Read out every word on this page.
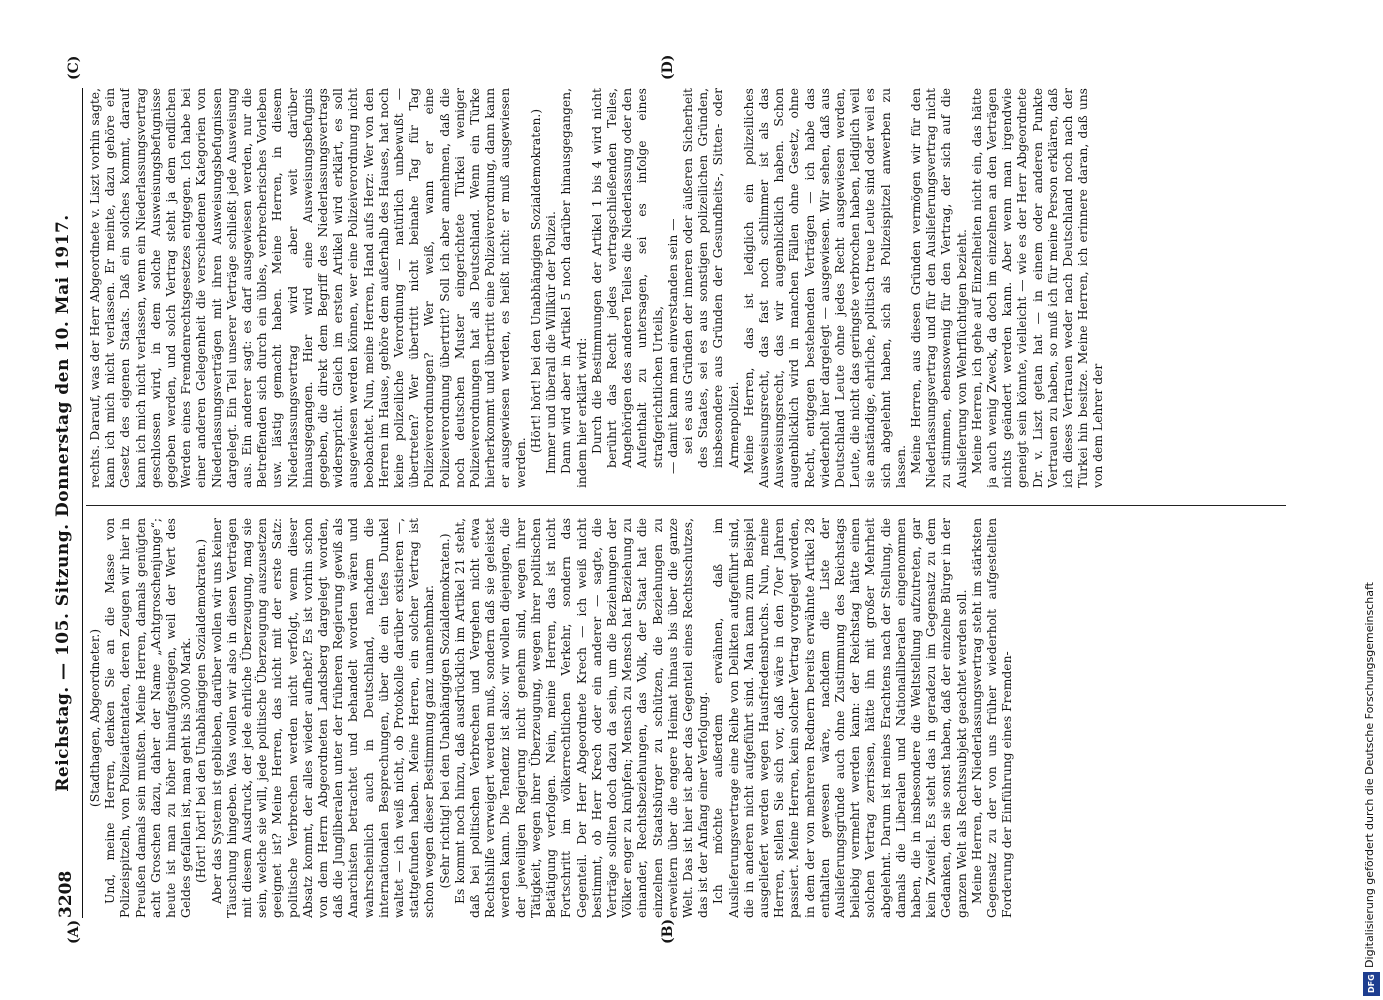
3208
Reichstag. — 105. Sitzung. Donnerstag den 10. Mai 1917.
(A)	(B)
(C)	(D)

(Stadthagen, Abgeordneter.) Und, meine Herren, denken Sie an die Masse von Polizeispitzeln, von Polizeiattentaten, deren Zeugen wir hier in Preußen damals sein mußten. Meine Herren, damals genügten acht Groschen dazu, daher der Name „Achtgroschenjunge“; heute ist man zu höher hinaufgestiegen, weil der Wert des Geldes gefallen ist, man geht bis 3000 Mark. (Hört! hört! bei den Unabhängigen Sozialdemokraten.) Aber das System ist geblieben, darüber wollen wir uns keiner Täuschung hingeben. Was wollen wir also in diesen Verträgen mit diesem Ausdruck, der jede ehrliche Überzeugung, mag sie sein, welche sie will, jede politische Überzeugung auszusetzen geeignet ist? Meine Herren, das nicht mit der erste Satz: politische Verbrechen werden nicht verfolgt, wenn dieser Absatz kommt, der alles wieder aufhebt? Es ist vorhin schon von dem Herrn Abgeordneten Landsberg dargelegt worden, daß die Jungliberalen unter der früheren Regierung gewiß als Anarchisten betrachtet und behandelt worden wären und wahrscheinlich auch in Deutschland, nachdem die internationalen Besprechungen, über die ein tiefes Dunkel waltet — ich weiß nicht, ob Protokolle darüber existieren —, stattgefunden haben. Meine Herren, ein solcher Vertrag ist schon wegen dieser Bestimmung ganz unannehmbar. (Sehr richtig! bei den Unabhängigen Sozialdemokraten.) Es kommt noch hinzu, daß ausdrücklich im Artikel 21 steht, daß bei politischen Verbrechen und Vergehen nicht etwa Rechtshilfe verweigert werden muß, sondern daß sie geleistet werden kann. Die Tendenz ist also: wir wollen diejenigen, die der jeweiligen Regierung nicht genehm sind, wegen ihrer Tätigkeit, wegen ihrer Überzeugung, wegen ihrer politischen Betätigung verfolgen. Nein, meine Herren, das ist nicht Fortschritt im völkerrechtlichen Verkehr, sondern das Gegenteil. Der Herr Abgeordnete Krech — ich weiß nicht bestimmt, ob Herr Krech oder ein anderer — sagte, die Verträge sollten doch dazu da sein, um die Beziehungen der Völker enger zu knüpfen; Mensch zu Mensch hat Beziehung zu einander, Rechtsbeziehungen, das Volk, der Staat hat die einzelnen Staatsbürger zu schützen, die Beziehungen zu erweitern über die engere Heimat hinaus bis über die ganze Welt. Das ist hier ist aber das Gegenteil eines Rechtsschutzes, das ist der Anfang einer Verfolgung. Ich möchte außerdem erwähnen, daß im Auslieferungsvertrage eine Reihe von Delikten aufgeführt sind, die in anderen nicht aufgeführt sind. Man kann zum Beispiel ausgeliefert werden wegen Hausfriedensbruchs. Nun, meine Herren, stellen Sie sich vor, daß wäre in den 70er Jahren passiert. Meine Herren, kein solcher Vertrag vorgelegt worden, in dem der von mehreren Rednern bereits erwähnte Artikel 28 enthalten gewesen wäre, nachdem die Liste der Auslieferungsgründe auch ohne Zustimmung des Reichstags beliebig vermehrt werden kann: der Reichstag hätte einen solchen Vertrag zerrissen, hätte ihn mit großer Mehrheit abgelehnt. Darum ist meines Erachtens nach der Stellung, die damals die Liberalen und Nationalliberalen eingenommen haben, die in insbesondere die Weltstellung aufzutreten, gar kein Zweifel. Es steht das in geradezu im Gegensatz zu dem Gedanken, den sie sonst haben, daß der einzelne Bürger in der ganzen Welt als Rechtssubjekt geachtet werden soll. Meine Herren, der Niederlassungsvertrag steht im stärksten Gegensatz zu der von uns früher wiederholt aufgestellten Forderung der Einführung eines Fremden-

rechts. Darauf, was der Herr Abgeordnete v. Liszt vorhin sagte, kann ich mich nicht verlassen. Er meinte, dazu gehöre ein Gesetz des eigenen Staats. Daß ein solches kommt, darauf kann ich mich nicht verlassen, wenn ein Niederlassungsvertrag geschlossen wird, in dem solche Ausweisungsbefugnisse gegeben werden, und solch Vertrag steht ja dem endlichen Werden eines Fremdenrechtsgesetzes entgegen. Ich habe bei einer anderen Gelegenheit die verschiedenen Kategorien von Niederlassungsverträgen mit ihren Ausweisungsbefugnissen dargelegt. Ein Teil unserer Verträge schließt jede Ausweisung aus. Ein anderer sagt: es darf ausgewiesen werden, nur die Betreffenden sich durch ein übles, verbrecherisches Vorleben usw. lästig gemacht haben. Meine Herren, in diesem Niederlassungsvertrag wird aber weit darüber hinausgegangen. Hier wird eine Ausweisungsbefugnis gegeben, die direkt dem Begriff des Niederlassungsvertrags widerspricht. Gleich im ersten Artikel wird erklärt, es soll ausgewiesen werden können, wer eine Polizeiverordnung nicht beobachtet. Nun, meine Herren, Hand aufs Herz: Wer von den Herren im Hause, gehöre dem außerhalb des Hauses, hat noch keine polizeiliche Verordnung — natürlich unbewußt — übertreten? Wer übertritt nicht beinahe Tag für Tag Polizeiverordnungen? Wer weiß, wann er eine Polizeiverordnung übertritt? Soll ich aber annehmen, daß die noch deutschen Muster eingerichtete Türkei weniger Polizeiverordnungen hat als Deutschland. Wenn ein Türke hierherkommt und übertritt eine Polizeiverordnung, dann kann er ausgewiesen werden, es heißt nicht: er muß ausgewiesen werden.

(Hört! hört! bei den Unabhängigen Sozialdemokraten.) Immer und überall die Willkür der Polizei. Dann wird aber in Artikel 5 noch darüber hinausgegangen, indem hier erklärt wird: Durch die Bestimmungen der Artikel 1 bis 4 wird nicht berührt das Recht jedes vertragschließenden Teiles, Angehörigen des anderen Teiles die Niederlassung oder den Aufenthalt zu untersagen, sei es infolge eines strafgerichtlichen Urteils, — damit kann man einverstanden sein — sei es aus Gründen der inneren oder äußeren Sicherheit des Staates, sei es aus sonstigen polizeilichen Gründen, insbesondere aus Gründen der Gesundheits-, Sitten- oder Armenpolizei. Meine Herren, das ist lediglich ein polizeiliches Ausweisungsrecht, das fast noch schlimmer ist als das Ausweisungsrecht, das wir augenblicklich haben. Schon augenblicklich wird in manchen Fällen ohne Gesetz, ohne Recht, entgegen bestehenden Verträgen — ich habe das wiederholt hier dargelegt — ausgewiesen. Wir sehen, daß aus Deutschland Leute ohne jedes Recht ausgewiesen werden, Leute, die nicht das geringste verbrochen haben, lediglich weil sie anständige, ehrliche, politisch treue Leute sind oder weil es sich abgelehnt haben, sich als Polizeispitzel anwerben zu lassen. Meine Herren, aus diesen Gründen vermögen wir für den Niederlassungsvertrag und für den Auslieferungsvertrag nicht zu stimmen, ebensowenig für den Vertrag, der sich auf die Auslieferung von Wehrflüchtigen bezieht. Meine Herren, ich gehe auf Einzelheiten nicht ein, das hätte ja auch wenig Zweck, da doch im einzelnen an den Verträgen nichts geändert werden kann. Aber wenn man irgendwie geneigt sein könnte, vielleicht — wie es der Herr Abgeordnete Dr. v. Liszt getan hat — in einem oder anderen Punkte Vertrauen zu haben, so muß ich für meine Person erklären, daß ich dieses Vertrauen weder nach Deutschland noch nach der Türkei hin besitze. Meine Herren, ich erinnere daran, daß uns von dem Lehrer der

Digitalisierung gefördert durch die Deutsche Forschungsgemeinschaft
DFG
